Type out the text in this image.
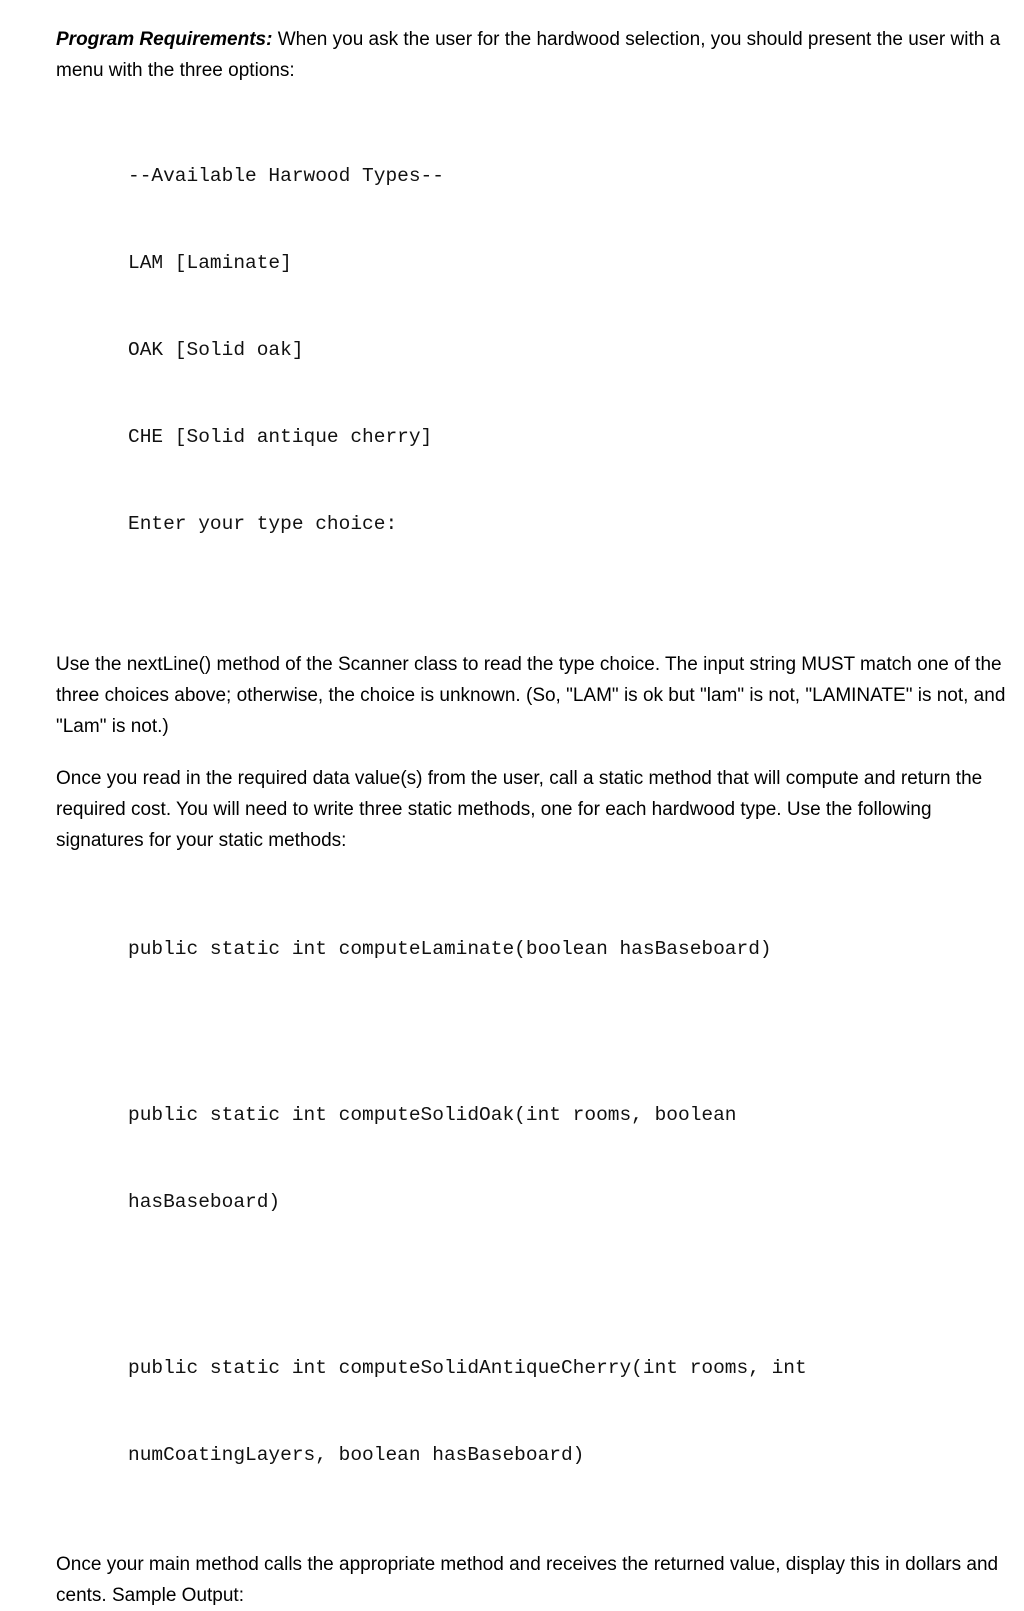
Program Requirements: When you ask the user for the hardwood selection, you should present the user with a menu with the three options:

--Available Harwood Types--

LAM [Laminate]

OAK [Solid oak]

CHE [Solid antique cherry]

Enter your type choice:

Use the nextLine() method of the Scanner class to read the type choice. The input string MUST match one of the three choices above; otherwise, the choice is unknown. (So, "LAM" is ok but "lam" is not, "LAMINATE" is not, and "Lam" is not.)

Once you read in the required data value(s) from the user, call a static method that will compute and return the required cost. You will need to write three static methods, one for each hardwood type. Use the following signatures for your static methods:

public static int computeLaminate(boolean hasBaseboard)

public static int computeSolidOak(int rooms, boolean

hasBaseboard)

public static int computeSolidAntiqueCherry(int rooms, int

numCoatingLayers, boolean hasBaseboard)

Once your main method calls the appropriate method and receives the returned value, display this in dollars and cents. Sample Output:
